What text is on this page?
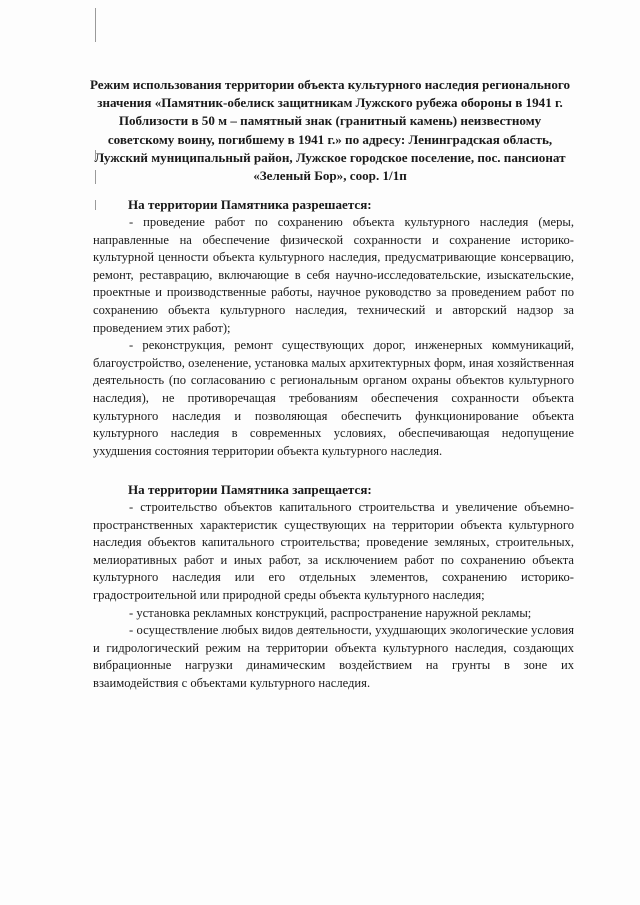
Режим использования территории объекта культурного наследия регионального значения «Памятник-обелиск защитникам Лужского рубежа обороны в 1941 г. Поблизости в 50 м – памятный знак (гранитный камень) неизвестному советскому воину, погибшему в 1941 г.» по адресу: Ленинградская область, Лужский муниципальный район, Лужское городское поселение, пос. пансионат «Зеленый Бор», соор. 1/1п
На территории Памятника разрешается:

- проведение работ по сохранению объекта культурного наследия (меры, направленные на обеспечение физической сохранности и сохранение историко-культурной ценности объекта культурного наследия, предусматривающие консервацию, ремонт, реставрацию, включающие в себя научно-исследовательские, изыскательские, проектные и производственные работы, научное руководство за проведением работ по сохранению объекта культурного наследия, технический и авторский надзор за проведением этих работ);

- реконструкция, ремонт существующих дорог, инженерных коммуникаций, благоустройство, озеленение, установка малых архитектурных форм, иная хозяйственная деятельность (по согласованию с региональным органом охраны объектов культурного наследия), не противоречащая требованиям обеспечения сохранности объекта культурного наследия и позволяющая обеспечить функционирование объекта культурного наследия в современных условиях, обеспечивающая недопущение ухудшения состояния территории объекта культурного наследия.

На территории Памятника запрещается:

- строительство объектов капитального строительства и увеличение объемно-пространственных характеристик существующих на территории объекта культурного наследия объектов капитального строительства; проведение земляных, строительных, мелиоративных работ и иных работ, за исключением работ по сохранению объекта культурного наследия или его отдельных элементов, сохранению историко-градостроительной или природной среды объекта культурного наследия;

- установка рекламных конструкций, распространение наружной рекламы;

- осуществление любых видов деятельности, ухудшающих экологические условия и гидрологический режим на территории объекта культурного наследия, создающих вибрационные нагрузки динамическим воздействием на грунты в зоне их взаимодействия с объектами культурного наследия.
